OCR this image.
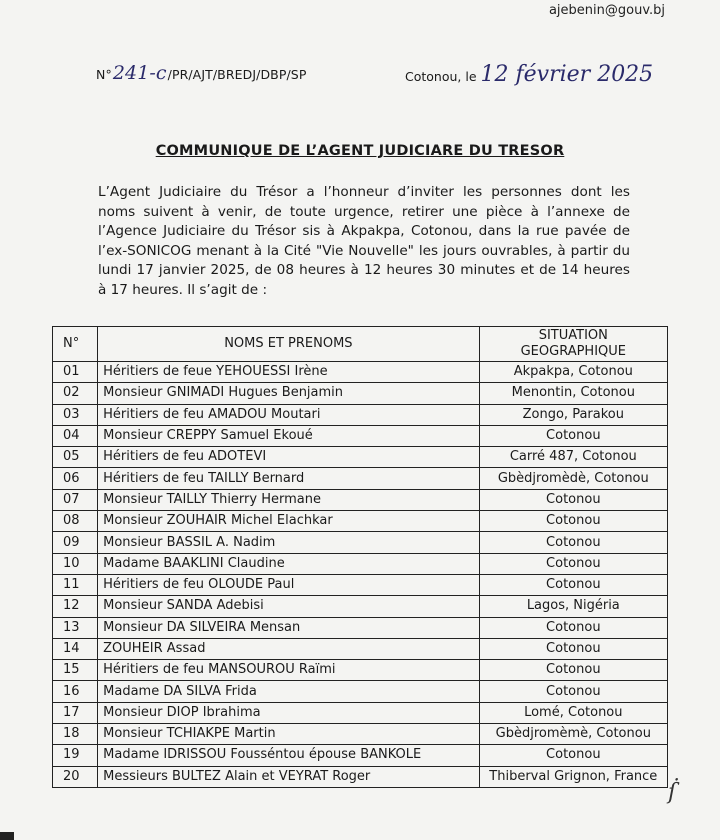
ajebenin@gouv.bj
N°241-c/PR/AJT/BREDJ/DBP/SP	Cotonou, le 12 février 2025
COMMUNIQUE DE L’AGENT JUDICIARE DU TRESOR
L’Agent Judiciaire du Trésor a l’honneur d’inviter les personnes dont les
noms suivent à venir, de toute urgence, retirer une pièce à l’annexe de
l’Agence Judiciaire du Trésor sis à Akpakpa, Cotonou, dans la rue pavée de
l’ex-SONICOG menant à la Cité "Vie Nouvelle" les jours ouvrables, à partir du
lundi 17 janvier 2025, de 08 heures à 12 heures 30 minutes et de 14 heures
à 17 heures. Il s’agit de :
N°	NOMS ET PRENOMS	SITUATION GEOGRAPHIQUE
01	Héritiers de feue YEHOUESSI Irène	Akpakpa, Cotonou
02	Monsieur GNIMADI Hugues Benjamin	Menontin, Cotonou
03	Héritiers de feu AMADOU Moutari	Zongo, Parakou
04	Monsieur CREPPY Samuel Ekoué	Cotonou
05	Héritiers de feu ADOTEVI	Carré 487, Cotonou
06	Héritiers de feu TAILLY Bernard	Gbèdjromèdè, Cotonou
07	Monsieur TAILLY Thierry Hermane	Cotonou
08	Monsieur ZOUHAIR Michel Elachkar	Cotonou
09	Monsieur BASSIL A. Nadim	Cotonou
10	Madame BAAKLINI Claudine	Cotonou
11	Héritiers de feu OLOUDE Paul	Cotonou
12	Monsieur SANDA Adebisi	Lagos, Nigéria
13	Monsieur DA SILVEIRA Mensan	Cotonou
14	ZOUHEIR Assad	Cotonou
15	Héritiers de feu MANSOUROU Raïmi	Cotonou
16	Madame DA SILVA Frida	Cotonou
17	Monsieur DIOP Ibrahima	Lomé, Cotonou
18	Monsieur TCHIAKPE Martin	Gbèdjromèmè, Cotonou
19	Madame IDRISSOU Fousséntou épouse BANKOLE	Cotonou
20	Messieurs BULTEZ Alain et VEYRAT Roger	Thiberval Grignon, France
ẛ
